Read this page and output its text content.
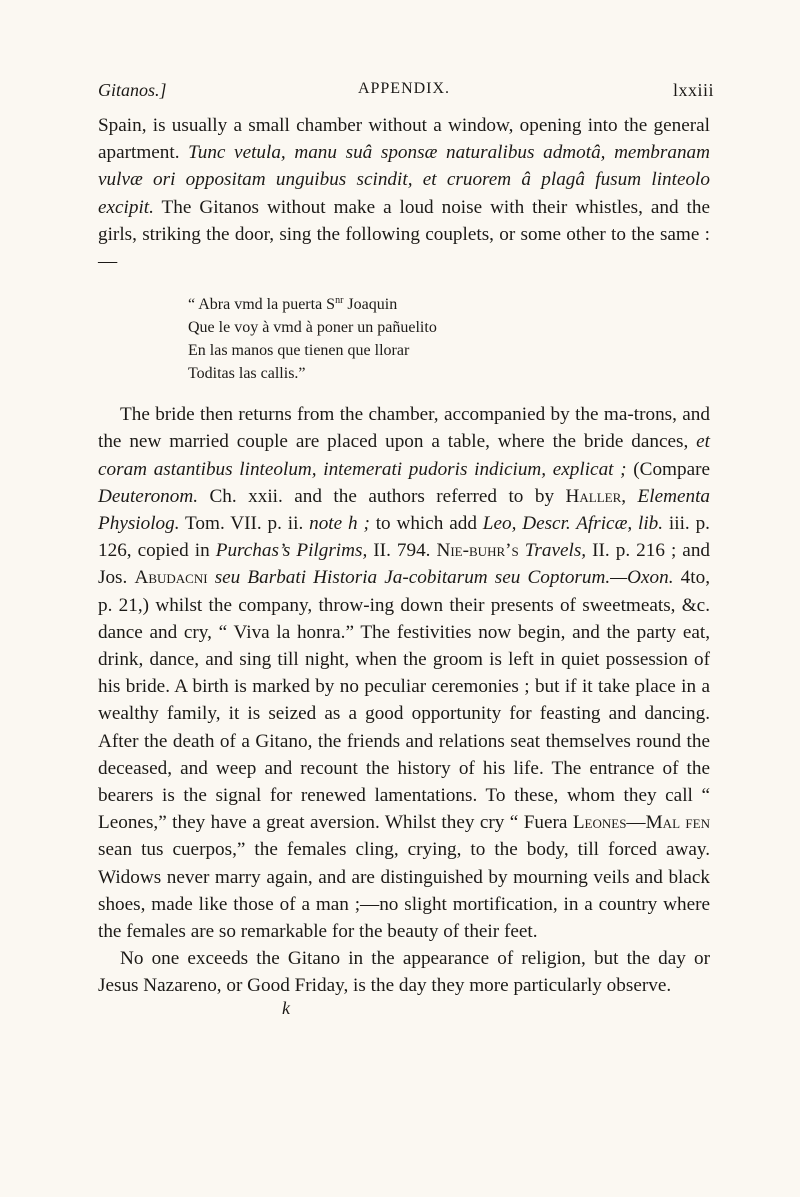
Gitanos.]	APPENDIX.	lxxiii

Spain, is usually a small chamber without a window, opening into the general apartment. Tunc vetula, manu suâ sponsæ naturalibus admotâ, membranam vulvæ ori oppositam unguibus scindit, et cruorem â plagâ fusum linteolo excipit. The Gitanos without make a loud noise with their whistles, and the girls, striking the door, sing the following couplets, or some other to the same :—

“ Abra vmd la puerta $S^{nr}$ Joaquin
Que le voy à vmd à poner un pañuelito
En las manos que tienen que llorar
Toditas las callis.”

The bride then returns from the chamber, accompanied by the ma-trons, and the new married couple are placed upon a table, where the bride dances, et coram astantibus linteolum, intemerati pudoris indicium, explicat ; (Compare Deuteronom. Ch. xxii. and the authors referred to by Haller, Elementa Physiolog. Tom. VII. p. ii. note h ; to which add Leo, Descr. Africæ, lib. iii. p. 126, copied in Purchas’s Pilgrims, II. 794. Nie-buhr’s Travels, II. p. 216 ; and Jos. Abudacni seu Barbati Historia Ja-cobitarum seu Coptorum.—Oxon. 4to, p. 21,) whilst the company, throw-ing down their presents of sweetmeats, &c. dance and cry, “ Viva la honra.” The festivities now begin, and the party eat, drink, dance, and sing till night, when the groom is left in quiet possession of his bride. A birth is marked by no peculiar ceremonies ; but if it take place in a wealthy family, it is seized as a good opportunity for feasting and dancing. After the death of a Gitano, the friends and relations seat themselves round the deceased, and weep and recount the history of his life. The entrance of the bearers is the signal for renewed lamentations. To these, whom they call “ Leones,” they have a great aversion. Whilst they cry “ Fuera Leones—Mal fen sean tus cuerpos,” the females cling, crying, to the body, till forced away. Widows never marry again, and are distinguished by mourning veils and black shoes, made like those of a man ;—no slight mortification, in a country where the females are so remarkable for the beauty of their feet.

No one exceeds the Gitano in the appearance of religion, but the day or Jesus Nazareno, or Good Friday, is the day they more particularly observe.

k
